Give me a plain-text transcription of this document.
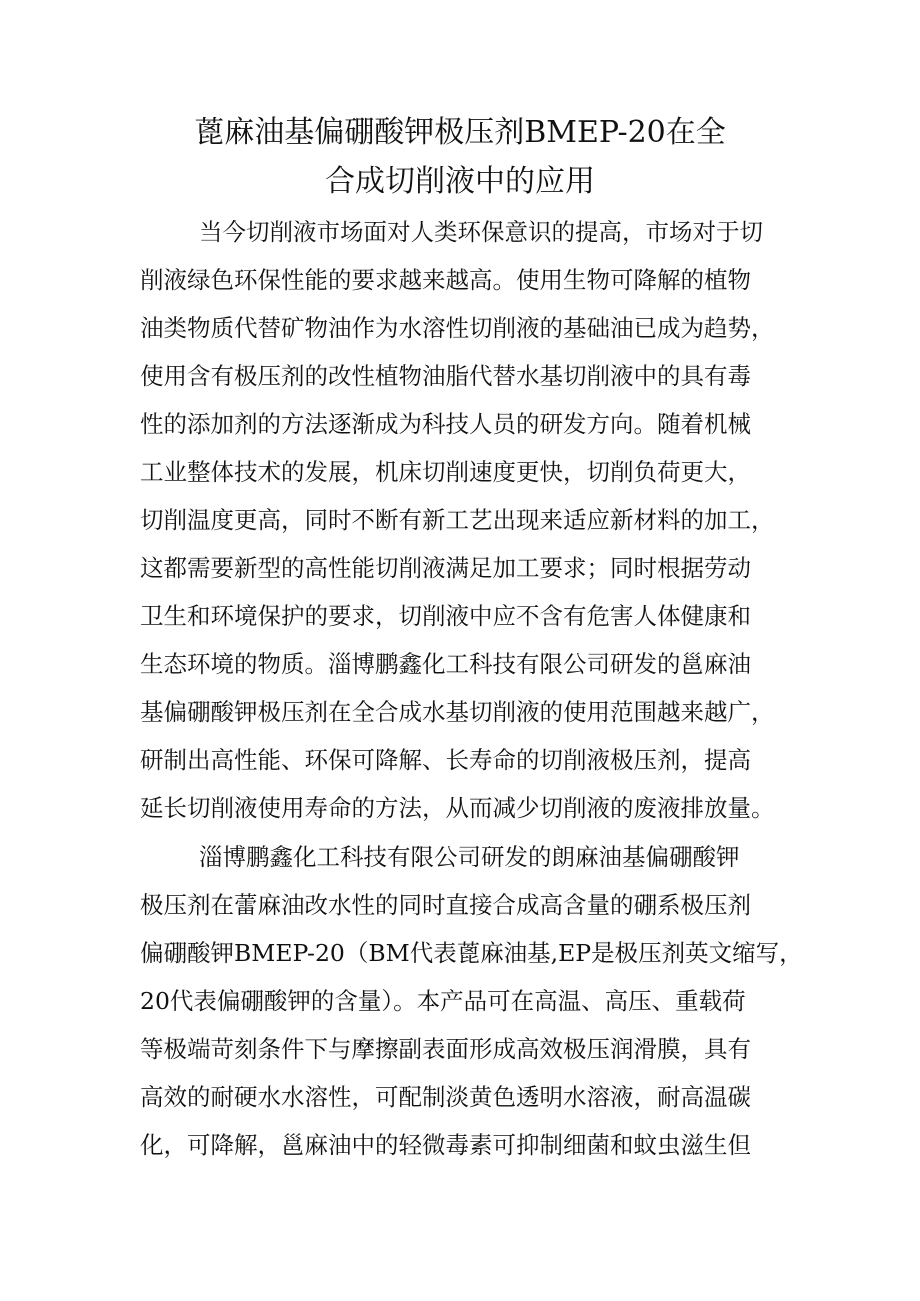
蓖麻油基偏硼酸钾极压剂BMEP-20在全
合成切削液中的应用
当今切削液市场面对人类环保意识的提高，市场对于切
削液绿色环保性能的要求越来越高。使用生物可降解的植物
油类物质代替矿物油作为水溶性切削液的基础油已成为趋势，
使用含有极压剂的改性植物油脂代替水基切削液中的具有毒
性的添加剂的方法逐渐成为科技人员的研发方向。随着机械
工业整体技术的发展，机床切削速度更快，切削负荷更大，
切削温度更高，同时不断有新工艺出现来适应新材料的加工，
这都需要新型的高性能切削液满足加工要求；同时根据劳动
卫生和环境保护的要求，切削液中应不含有危害人体健康和
生态环境的物质。淄博鹏鑫化工科技有限公司研发的邕麻油
基偏硼酸钾极压剂在全合成水基切削液的使用范围越来越广，
研制出高性能、环保可降解、长寿命的切削液极压剂，提高
延长切削液使用寿命的方法，从而减少切削液的废液排放量。
淄博鹏鑫化工科技有限公司研发的朗麻油基偏硼酸钾
极压剂在蕾麻油改水性的同时直接合成高含量的硼系极压剂
偏硼酸钾BMEP-20（BM代表蓖麻油基,EP是极压剂英文缩写，
20代表偏硼酸钾的含量）。本产品可在高温、高压、重载荷
等极端苛刻条件下与摩擦副表面形成高效极压润滑膜，具有
高效的耐硬水水溶性，可配制淡黄色透明水溶液，耐高温碳
化，可降解，邕麻油中的轻微毒素可抑制细菌和蚊虫滋生但
